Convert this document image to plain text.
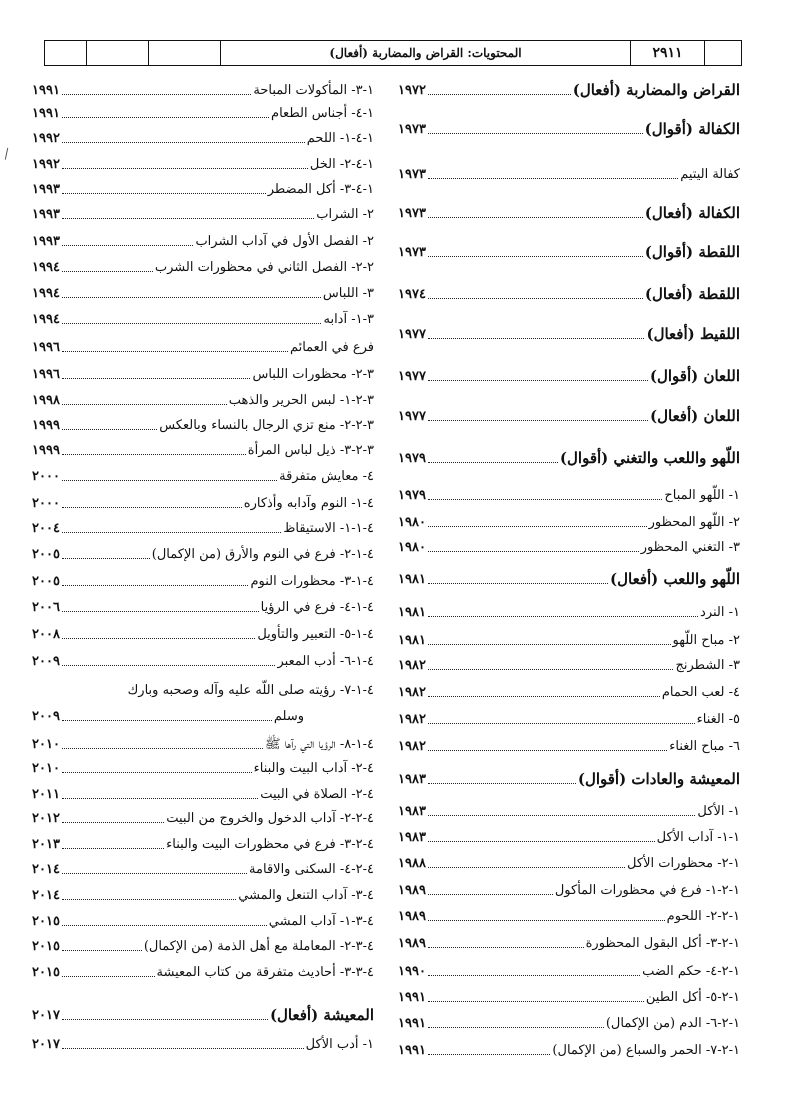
المحتويات: القراض والمضاربة (أفعال)	٢٩١١
القراض والمضاربة (أفعال)
١٩٧٢
الكفالة (أقوال)
١٩٧٣
كفالة اليتيم
١٩٧٣
الكفالة (أفعال)
١٩٧٣
اللقطة (أقوال)
١٩٧٣
اللقطة (أفعال)
١٩٧٤
اللقيط (أفعال)
١٩٧٧
اللعان (أقوال)
١٩٧٧
اللعان (أفعال)
١٩٧٧
اللّهو واللعب والتغني (أقوال)
١٩٧٩
١- اللّهو المباح
١٩٧٩
٢- اللّهو المحظور
١٩٨٠
٣- التغني المحظور
١٩٨٠
اللّهو واللعب (أفعال)
١٩٨١
١- النرد
١٩٨١
٢- مباح اللّهو
١٩٨١
٣- الشطرنج
١٩٨٢
٤- لعب الحمام
١٩٨٢
٥- الغناء
١٩٨٢
٦- مباح الغناء
١٩٨٢
المعيشة والعادات (أقوال)
١٩٨٣
١- الأكل
١٩٨٣
١-١- آداب الأكل
١٩٨٣
١-٢- محظورات الأكل
١٩٨٨
١-٢-١- فرع في محظورات المأكول
١٩٨٩
١-٢-٢- اللحوم
١٩٨٩
١-٢-٣- أكل البقول المحظورة
١٩٨٩
١-٢-٤- حكم الضب
١٩٩٠
١-٢-٥- أكل الطين
١٩٩١
١-٢-٦- الدم (من الإكمال)
١٩٩١
١-٢-٧- الحمر والسباع (من الإكمال)
١٩٩١
١-٣- المأكولات المباحة
١٩٩١
١-٤- أجناس الطعام
١٩٩١
١-٤-١- اللحم
١٩٩٢
١-٤-٢- الخل
١٩٩٢
١-٤-٣- أكل المضطر
١٩٩٣
٢- الشراب
١٩٩٣
٢- الفصل الأول في آداب الشراب
١٩٩٣
٢-٢- الفصل الثاني في محظورات الشرب
١٩٩٤
٣- اللباس
١٩٩٤
٣-١- آدابه
١٩٩٤
فرع في العمائم
١٩٩٦
٣-٢- محظورات اللباس
١٩٩٦
٣-٢-١- لبس الحرير والذهب
١٩٩٨
٣-٢-٢- منع تزي الرجال بالنساء وبالعكس
١٩٩٩
٣-٢-٣- ذيل لباس المرأة
١٩٩٩
٤- معايش متفرقة
٢٠٠٠
٤-١- النوم وآدابه وأذكاره
٢٠٠٠
٤-١-١- الاستيقاظ
٢٠٠٤
٤-١-٢- فرع في النوم والأرق (من الإكمال)
٢٠٠٥
٤-١-٣- محظورات النوم
٢٠٠٥
٤-١-٤- فرع في الرؤيا
٢٠٠٦
٤-١-٥- التعبير والتأويل
٢٠٠٨
٤-١-٦- أدب المعبر
٢٠٠٩
٤-١-٧- رؤيته صلى اللّه عليه وآله وصحبه وبارك
وسلم
٢٠٠٩
٤-١-٨- الرؤيا التي رآها ﷺ
٢٠١٠
٤-٢- آداب البيت والبناء
٢٠١٠
٤-٢- الصلاة في البيت
٢٠١١
٤-٢-٢- آداب الدخول والخروج من البيت
٢٠١٢
٤-٢-٣- فرع في محظورات البيت والبناء
٢٠١٣
٤-٢-٤- السكنى والاقامة
٢٠١٤
٤-٣- آداب التنعل والمشي
٢٠١٤
٤-٣-١- آداب المشي
٢٠١٥
٤-٣-٢- المعاملة مع أهل الذمة (من الإكمال)
٢٠١٥
٤-٣-٣- أحاديث متفرقة من كتاب المعيشة
٢٠١٥
المعيشة (أفعال)
٢٠١٧
١- أدب الأكل
٢٠١٧
